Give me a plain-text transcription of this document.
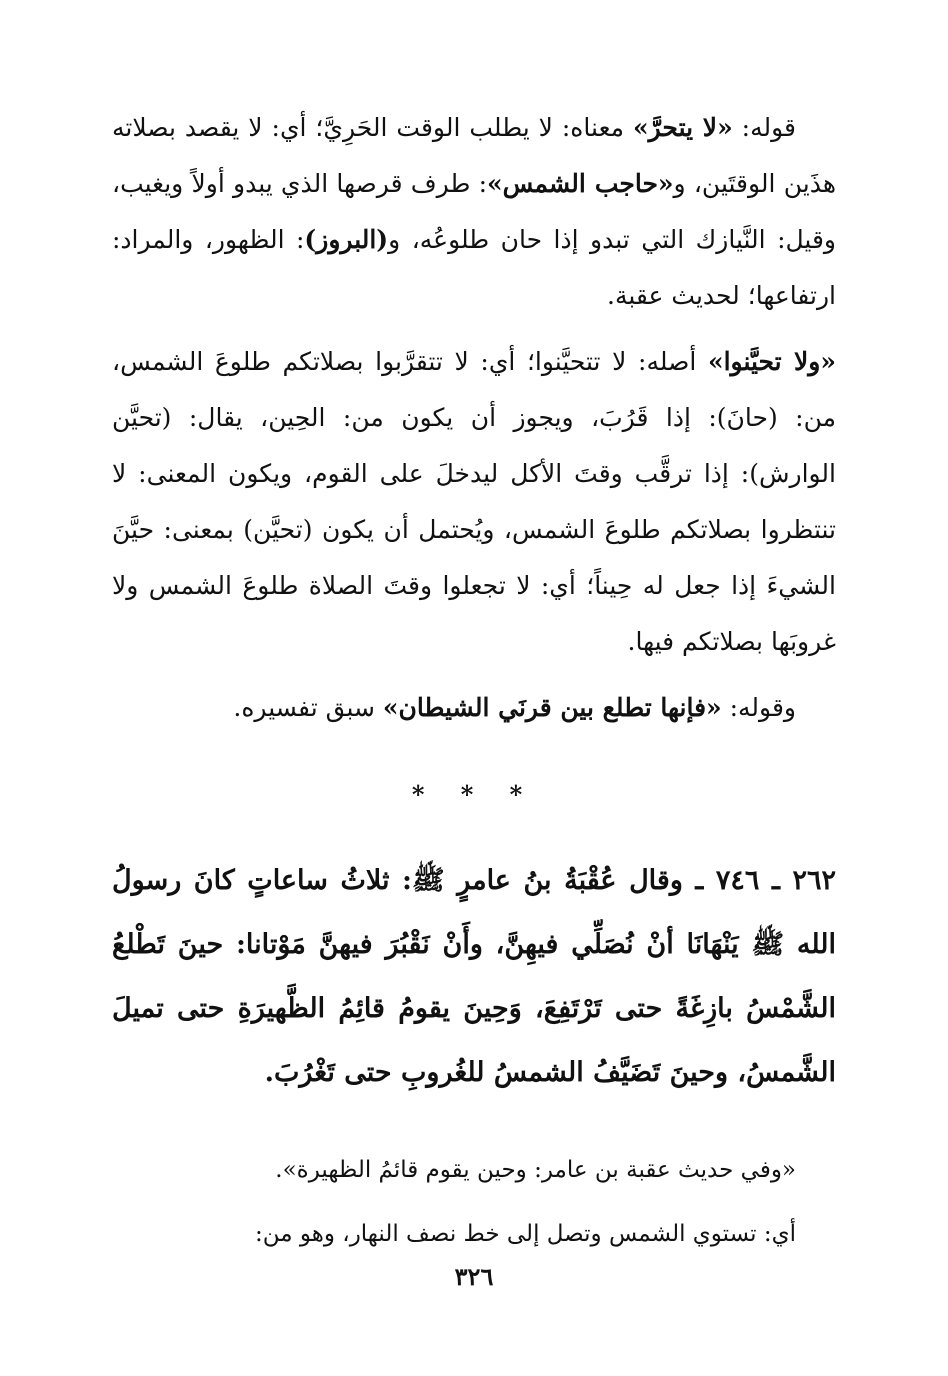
قوله: «لا يتحرَّ» معناه: لا يطلب الوقت الحَرِيَّ؛ أي: لا يقصد بصلاته هذَين الوقتَين، و«حاجب الشمس»: طرف قرصها الذي يبدو أولاً ويغيب، وقيل: النَّيازك التي تبدو إذا حان طلوعُه، و(البروز): الظهور، والمراد: ارتفاعها؛ لحديث عقبة.

«ولا تحيَّنوا» أصله: لا تتحيَّنوا؛ أي: لا تتقرَّبوا بصلاتكم طلوعَ الشمس، من: (حانَ): إذا قَرُبَ، ويجوز أن يكون من: الحِين، يقال: (تحيَّن الوارش): إذا ترقَّب وقتَ الأكل ليدخلَ على القوم، ويكون المعنى: لا تنتظروا بصلاتكم طلوعَ الشمس، ويُحتمل أن يكون (تحيَّن) بمعنى: حيَّنَ الشيءَ إذا جعل له حِيناً؛ أي: لا تجعلوا وقتَ الصلاة طلوعَ الشمس ولا غروبَها بصلاتكم فيها.

وقوله: «فإنها تطلع بين قرنَي الشيطان» سبق تفسيره.

* * *

٢٦٢ ـ ٧٤٦ ـ وقال عُقْبَةُ بنُ عامرٍ ﷺ: ثلاثُ ساعاتٍ كانَ رسولُ الله ﷺ يَنْهَانَا أنْ نُصَلِّي فيهِنَّ، وأَنْ نَقْبُرَ فيهنَّ مَوْتانا: حينَ تَطْلعُ الشَّمْسُ بازِغَةً حتى تَرْتَفِعَ، وَحِينَ يقومُ قائِمُ الظَّهيرَةِ حتى تميلَ الشَّمسُ، وحينَ تَضَيَّفُ الشمسُ للغُروبِ حتى تَغْرُبَ.

«وفي حديث عقبة بن عامر: وحين يقوم قائمُ الظهيرة».

أي: تستوي الشمس وتصل إلى خط نصف النهار، وهو من:

٣٢٦
